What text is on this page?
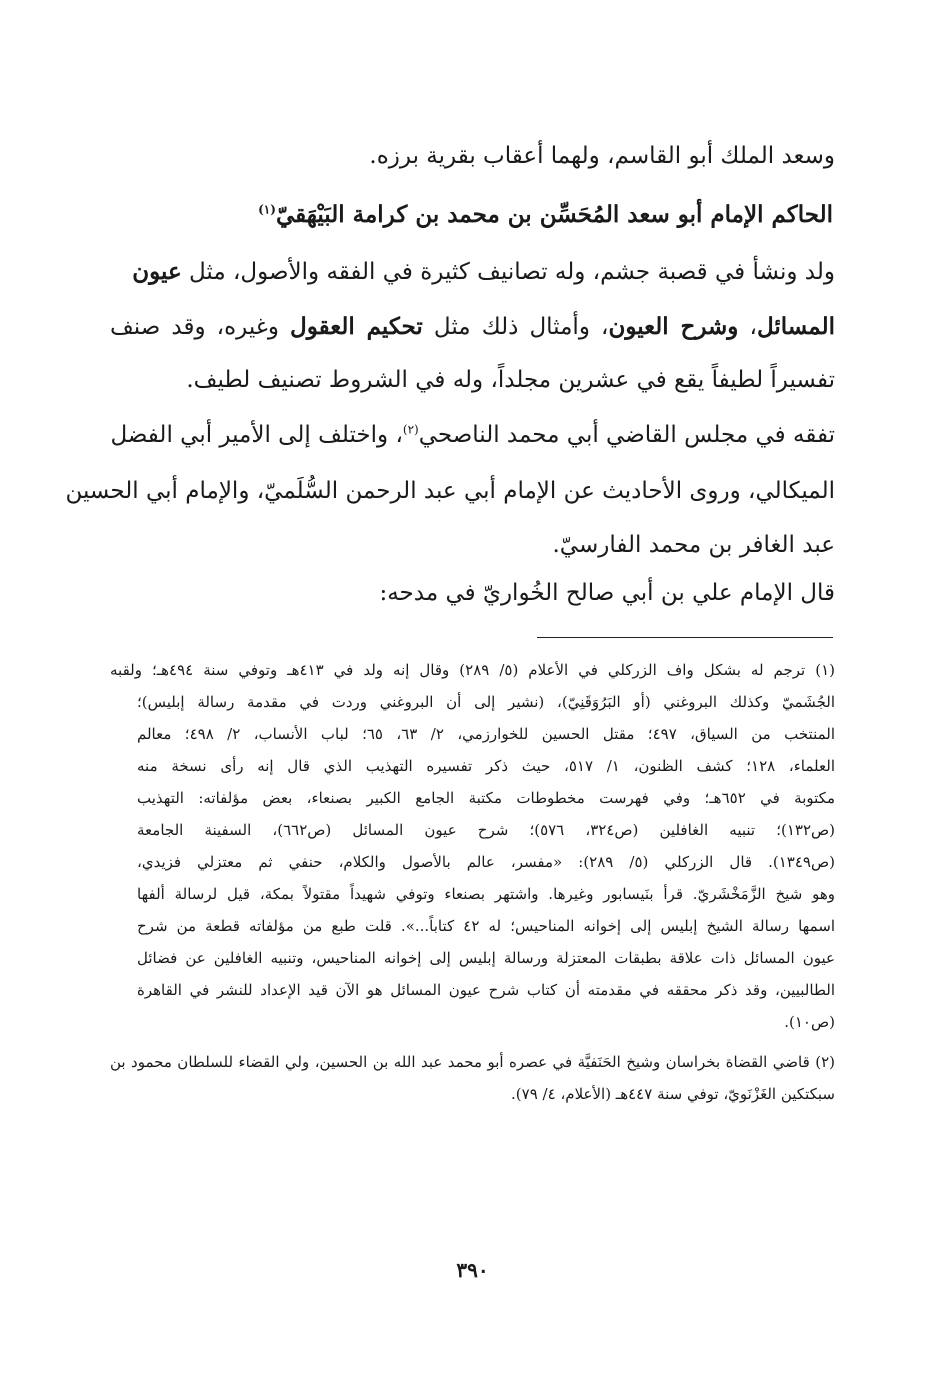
وسعد الملك أبو القاسم، ولهما أعقاب بقرية برزه.
الحاكم الإمام أبو سعد المُحَسِّن بن محمد بن كرامة البَيْهَقيّ$^{(١)}$
ولد ونشأ في قصبة جشم، وله تصانيف كثيرة في الفقه والأصول، مثل عيون
المسائل، وشرح العيون، وأمثال ذلك مثل تحكيم العقول وغيره، وقد صنف
تفسيراً لطيفاً يقع في عشرين مجلداً، وله في الشروط تصنيف لطيف.
تفقه في مجلس القاضي أبي محمد الناصحي$^{(٢)}$، واختلف إلى الأمير أبي الفضل
الميكالي، وروى الأحاديث عن الإمام أبي عبد الرحمن السُّلَميّ، والإمام أبي الحسين
عبد الغافر بن محمد الفارسيّ.
قال الإمام علي بن أبي صالح الخُواريّ في مدحه:
(١) ترجم له بشكل واف الزركلي في الأعلام (٥/ ٢٨٩) وقال إنه ولد في ٤١٣هـ وتوفي سنة ٤٩٤هـ؛ ولقبه
الجُشَميّ وكذلك البروغني (أو البَرُوَقَنِيّ)، (نشير إلى أن البروغني وردت في مقدمة رسالة إبليس)؛
المنتخب من السياق، ٤٩٧؛ مقتل الحسين للخوارزمي، ٢/ ٦٣، ٦٥؛ لباب الأنساب، ٢/ ٤٩٨؛ معالم
العلماء، ١٢٨؛ كشف الظنون، ١/ ٥١٧، حيث ذكر تفسيره التهذيب الذي قال إنه رأى نسخة منه
مكتوبة في ٦٥٢هـ؛ وفي فهرست مخطوطات مكتبة الجامع الكبير بصنعاء، بعض مؤلفاته: التهذيب
(ص١٣٢)؛ تنبيه الغافلين (ص٣٢٤، ٥٧٦)؛ شرح عيون المسائل (ص٦٦٢)، السفينة الجامعة
(ص١٣٤٩). قال الزركلي (٥/ ٢٨٩): «مفسر، عالم بالأصول والكلام، حنفي ثم معتزلي فزيدي،
وهو شيخ الزَّمَخْشَريّ. قرأ بنَيسابور وغيرها. واشتهر بصنعاء وتوفي شهيداً مقتولاً بمكة، قيل لرسالة ألفها
اسمها رسالة الشيخ إبليس إلى إخوانه المناحيس؛ له ٤٢ كتاباً...». قلت طبع من مؤلفاته قطعة من شرح
عيون المسائل ذات علاقة بطبقات المعتزلة ورسالة إبليس إلى إخوانه المناحيس، وتنبيه الغافلين عن فضائل
الطالبيين، وقد ذكر محققه في مقدمته أن كتاب شرح عيون المسائل هو الآن قيد الإعداد للنشر في القاهرة
(ص١٠).
(٢) قاضي القضاة بخراسان وشيخ الحَنَفيَّة في عصره أبو محمد عبد الله بن الحسين، ولي القضاء للسلطان محمود بن
سبكتكين الغَزْنَويّ، توفي سنة ٤٤٧هـ (الأعلام، ٤/ ٧٩).
٣٩٠
